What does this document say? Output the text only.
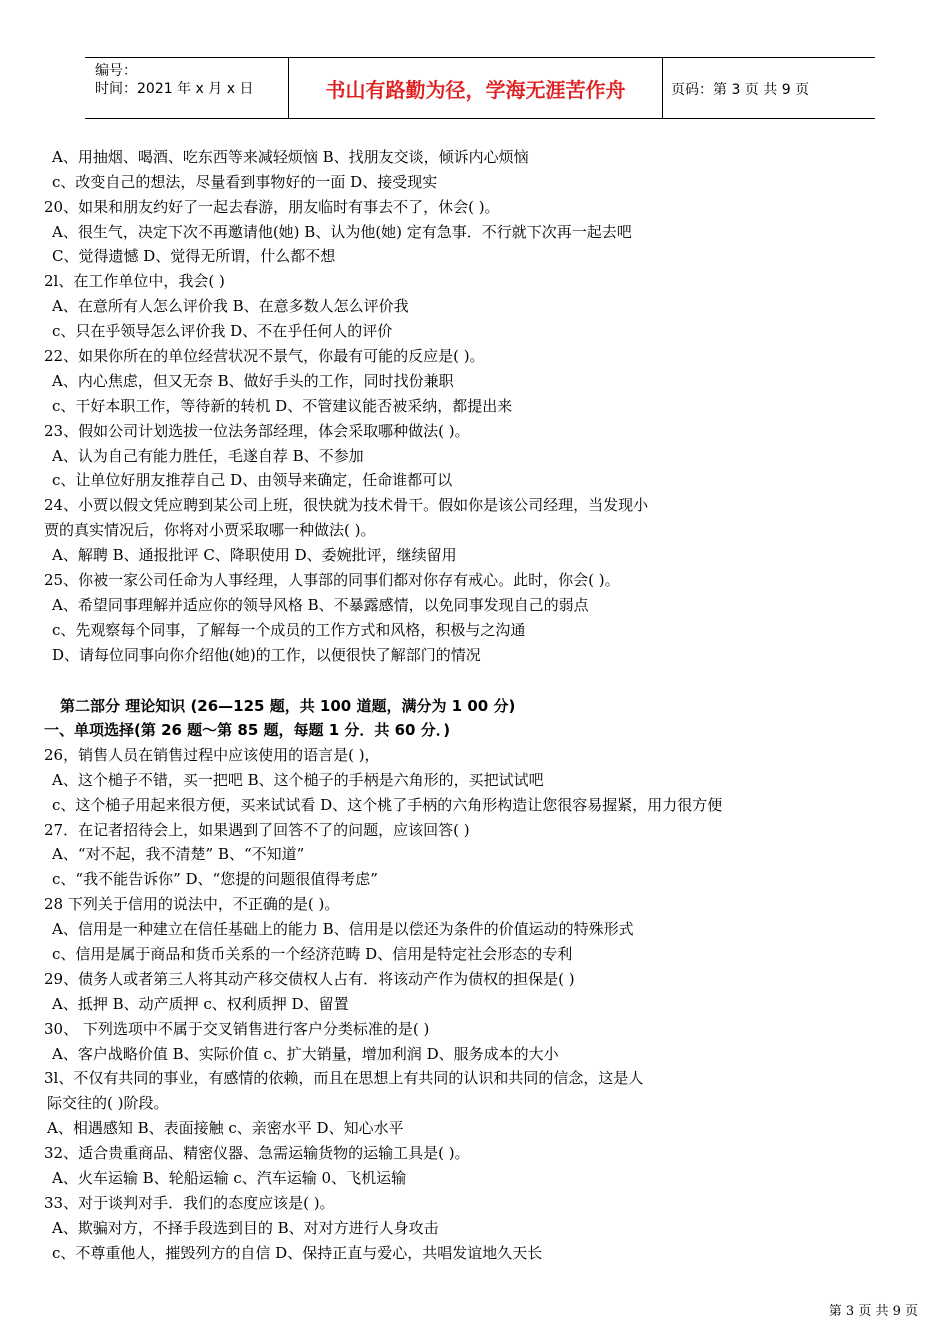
编号：
时间：2021 年 x 月 x 日	书山有路勤为径，学海无涯苦作舟	页码：第 3 页 共 9 页
A、用抽烟、喝酒、吃东西等来减轻烦恼 B、找朋友交谈，倾诉内心烦恼
c、改变自己的想法，尽量看到事物好的一面 D、接受现实
20、如果和朋友约好了一起去春游，朋友临时有事去不了，休会( )。
A、很生气，决定下次不再邀请他(她) B、认为他(她) 定有急事．不行就下次再一起去吧
C、觉得遗憾 D、觉得无所谓，什么都不想
2l、在工作单位中，我会( )
A、在意所有人怎么评价我 B、在意多数人怎么评价我
c、只在乎领导怎么评价我 D、不在乎任何人的评价
22、如果你所在的单位经营状况不景气，你最有可能的反应是( )。
A、内心焦虑，但又无奈 B、做好手头的工作，同时找份兼职
c、干好本职工作，等待新的转机 D、不管建议能否被采纳，都提出来
23、假如公司计划选拔一位法务部经理，体会采取哪种做法( )。
A、认为自己有能力胜任，毛遂自荐 B、不参加
c、让单位好朋友推荐自己 D、由领导来确定，任命谁都可以
24、小贾以假文凭应聘到某公司上班，很快就为技术骨干。假如你是该公司经理，当发现小
贾的真实情况后，你将对小贾采取哪一种做法( )。
A、解聘 B、通报批评 C、降职使用 D、委婉批评，继续留用
25、你被一家公司任命为人事经理，人事部的同事们都对你存有戒心。此时，你会( )。
A、希望同事理解并适应你的领导风格 B、不暴露感情，以免同事发现自己的弱点
c、先观察每个同事，了解每一个成员的工作方式和风格，积极与之沟通
D、请每位同事向你介绍他(她)的工作，以便很快了解部门的情况
第二部分 理论知识 (26—125 题，共 100 道题，满分为 1 00 分)
一、单项选择(第 26 题～第 85 题，每题 1 分．共 60 分．)
26，销售人员在销售过程中应该使用的语言是( )，
A、这个槌子不错，买一把吧 B、这个槌子的手柄是六角形的，买把试试吧
c、这个槌子用起来很方便，买来试试看 D、这个桃了手柄的六角形构造让您很容易握紧，用力很方便
27．在记者招待会上，如果遇到了回答不了的问题，应该回答( )
A、“对不起，我不清楚” B、“不知道”
c、“我不能告诉你” D、“您提的问题很值得考虑”
28 下列关于信用的说法中，不正确的是( )。
A、信用是一种建立在信任基础上的能力 B、信用是以偿还为条件的价值运动的特殊形式
c、信用是属于商品和货币关系的一个经济范畴 D、信用是特定社会形态的专利
29、债务人或者第三人将其动产移交债权人占有．将该动产作为债权的担保是( )
A、抵押 B、动产质押 c、权利质押 D、留置
30、 下列选项中不属于交叉销售进行客户分类标准的是( )
A、客户战略价值 B、实际价值 c、扩大销量，增加利润 D、服务成本的大小
3l、不仅有共同的事业，有感情的依赖，而且在思想上有共同的认识和共同的信念，这是人
际交往的( )阶段。
A、相遇感知 B、表面接触 c、亲密水平 D、知心水平
32、适合贵重商品、精密仪器、急需运输货物的运输工具是( )。
A、火车运输 B、轮船运输 c、汽车运输 0、飞机运输
33、对于谈判对手．我们的态度应该是( )。
A、欺骗对方，不择手段选到目的 B、对对方进行人身攻击
c、不尊重他人，摧毁列方的自信 D、保持正直与爱心，共唱发谊地久天长
第 3 页 共 9 页
